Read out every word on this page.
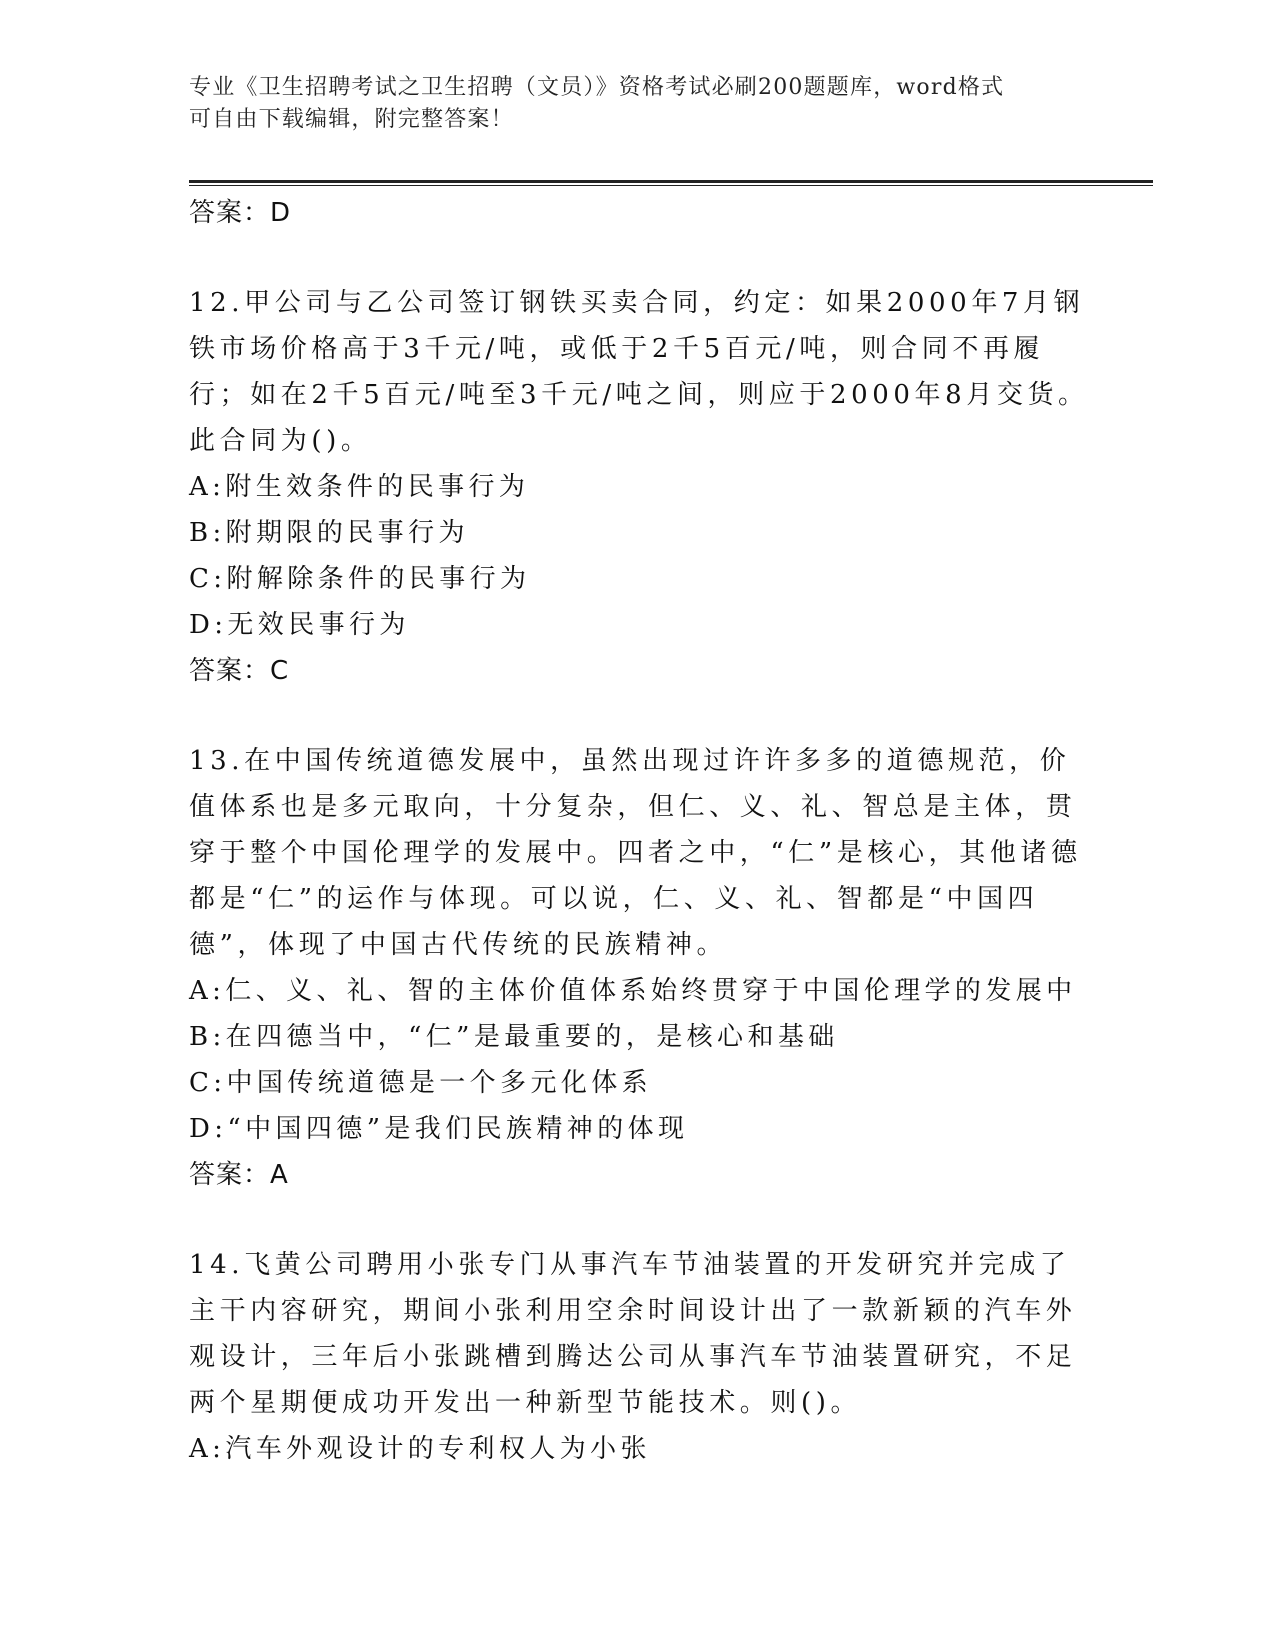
专业《卫生招聘考试之卫生招聘（文员）》资格考试必刷200题题库，word格式
可自由下载编辑，附完整答案！
答案：D
12.甲公司与乙公司签订钢铁买卖合同，约定：如果2000年7月钢铁市场价格高于3千元/吨，或低于2千5百元/吨，则合同不再履行；如在2千5百元/吨至3千元/吨之间，则应于2000年8月交货。此合同为()。
A:附生效条件的民事行为
B:附期限的民事行为
C:附解除条件的民事行为
D:无效民事行为
答案：C
13.在中国传统道德发展中，虽然出现过许许多多的道德规范，价值体系也是多元取向，十分复杂，但仁、义、礼、智总是主体，贯穿于整个中国伦理学的发展中。四者之中，“仁”是核心，其他诸德都是“仁”的运作与体现。可以说，仁、义、礼、智都是“中国四德”，体现了中国古代传统的民族精神。
A:仁、义、礼、智的主体价值体系始终贯穿于中国伦理学的发展中
B:在四德当中，“仁”是最重要的，是核心和基础
C:中国传统道德是一个多元化体系
D:“中国四德”是我们民族精神的体现
答案：A
14.飞黄公司聘用小张专门从事汽车节油装置的开发研究并完成了主干内容研究，期间小张利用空余时间设计出了一款新颖的汽车外观设计，三年后小张跳槽到腾达公司从事汽车节油装置研究，不足两个星期便成功开发出一种新型节能技术。则()。
A:汽车外观设计的专利权人为小张
